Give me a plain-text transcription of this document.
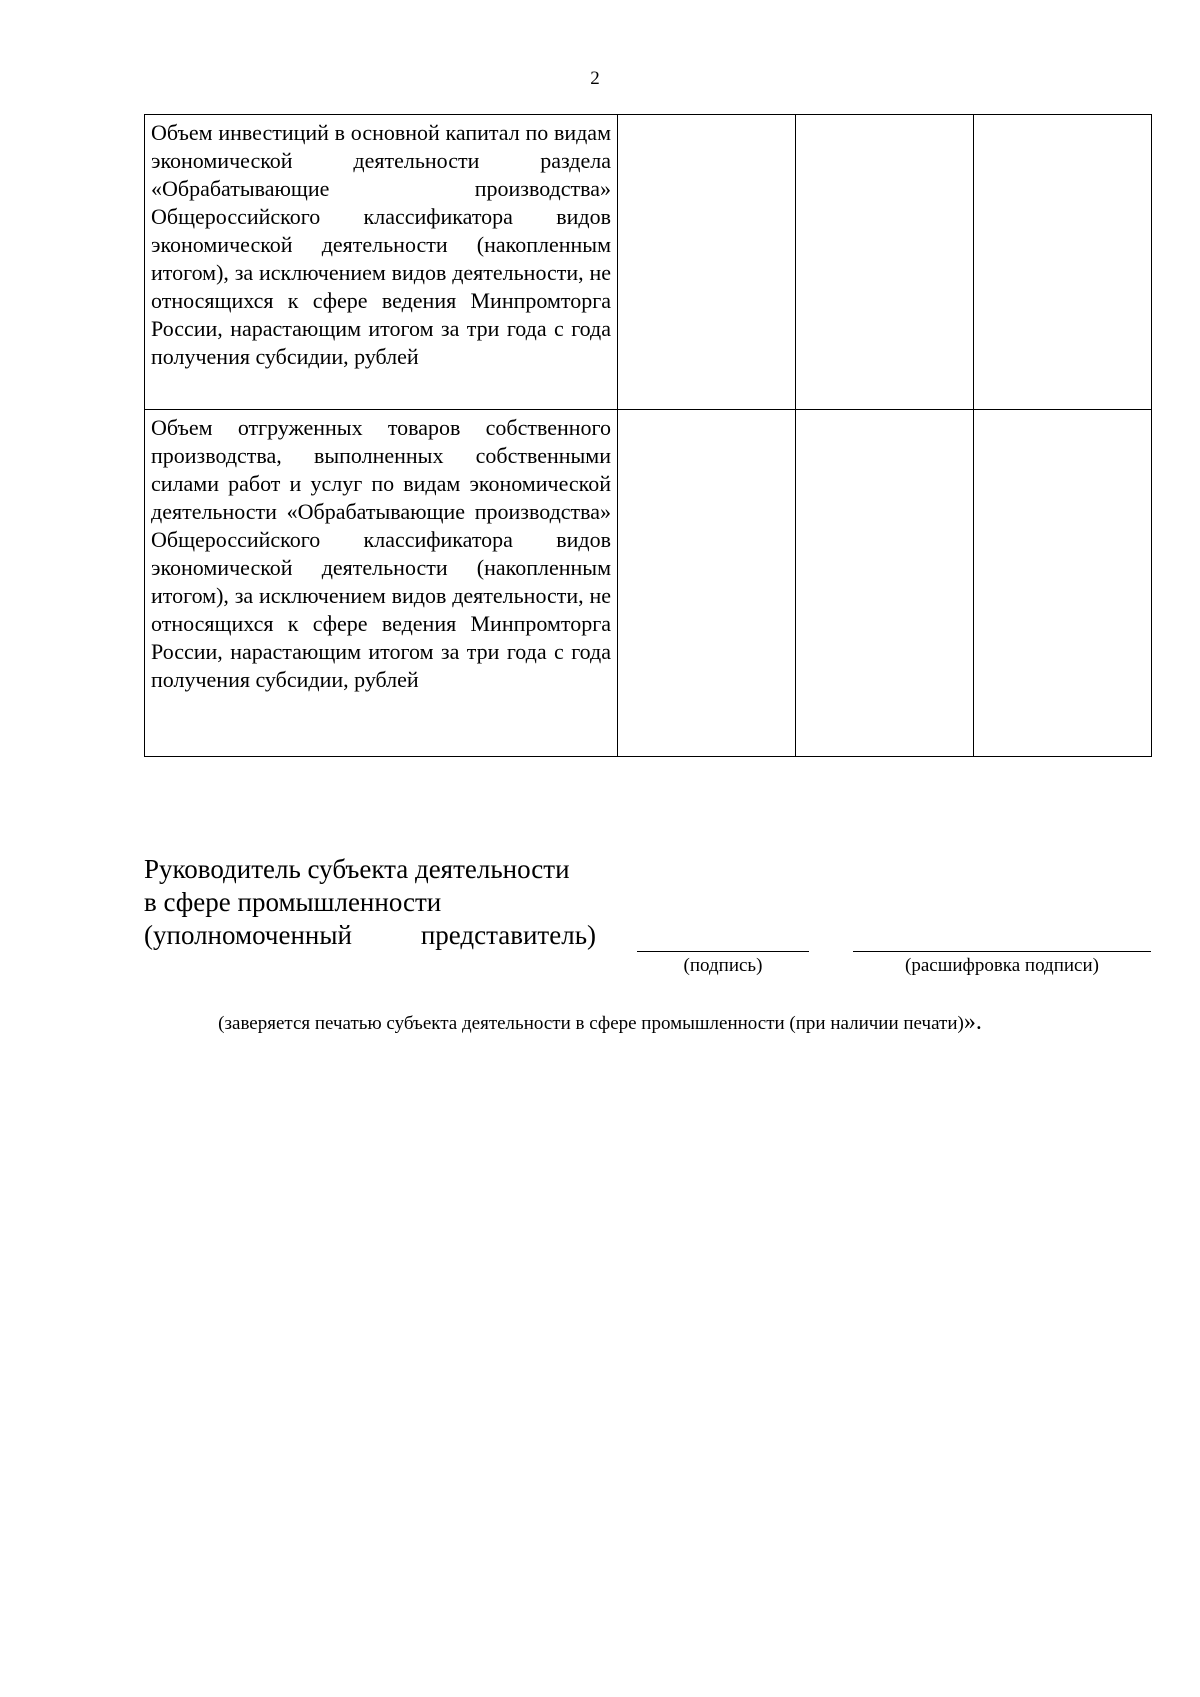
2
Объем инвестиций в основной капитал по видам экономической деятельности раздела «Обрабатывающие производства» Общероссийского классификатора видов экономической деятельности (накопленным итогом), за исключением видов деятельности, не относящихся к сфере ведения Минпромторга России, нарастающим итогом за три года с года получения субсидии, рублей			
Объем отгруженных товаров собственного производства, выполненных собственными силами работ и услуг по видам экономической деятельности «Обрабатывающие производства» Общероссийского классификатора видов экономической деятельности (накопленным итогом), за исключением видов деятельности, не относящихся к сфере ведения Минпромторга России, нарастающим итогом за три года с года получения субсидии, рублей			
Руководитель субъекта деятельности
в сфере промышленности
(уполномоченный	представитель)
(подпись)	(расшифровка подписи)
(заверяется печатью субъекта деятельности в сфере промышленности (при наличии печати)».
